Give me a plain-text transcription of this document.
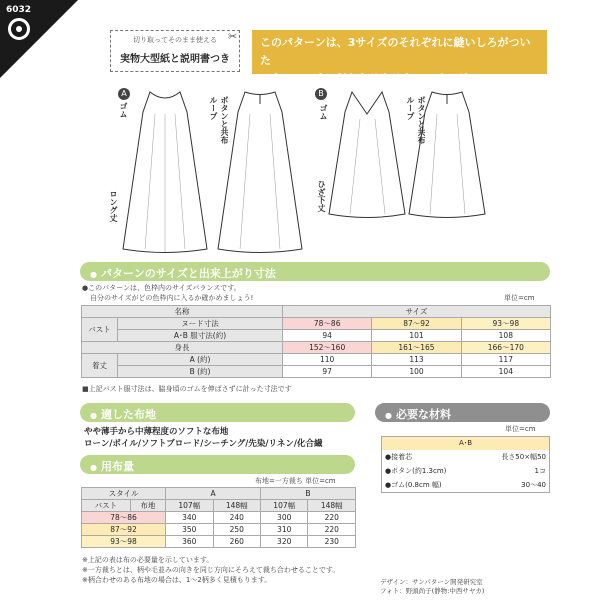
6032
切り取ってそのまま使える
実物大型紙と説明書つき
✂ このパターンは、3サイズのそれぞれに縫いしろがついた
パターンです。だからラクラクソーイング!
A	B
ゴム	ボタンと共布ループ
ロング丈
ゴム	ボタンと共布ループ
ひざ下丈
● パターンのサイズと出来上がり寸法
●このパターンは、色枠内のサイズバランスです。
自分のサイズがどの色枠内に入るか確かめましょう!	単位=cm
名称		サイズ		
バスト	ヌード寸法	78〜86	87〜92	93〜98
	A･B 服寸法(約)	94	101	108
身長		152〜160	161〜165	166〜170
着丈	A (約)	110	113	117
	B (約)	97	100	104
■上記バスト服寸法は、脇身頃のゴムを伸ばさずに計った寸法です
● 適した布地
やや薄手から中薄程度のソフトな布地
ローン/ボイル/ソフトブロード/シーチング/先染/リネン/化合繊
● 必要な材料
単位=cm
A･B
●接着芯	長さ50×幅50
●ボタン(約1.3cm)	1コ
●ゴム(0.8cm 幅)	30〜40
● 用布量
布地=一方裁ち 単位=cm
スタイル		A		B	
バスト	布地	107幅	148幅	107幅	148幅
78〜86		340	240	300	220
87〜92		350	250	310	220
93〜98		360	260	320	230
※上記の表は布の必要量を示しています。
※一方裁ちとは、柄や毛並みの向きを同じ方向にそろえて裁ち合わせることです。
※柄合わせのある布地の場合は、1〜2柄多く見積もります。	デザイン：サンパターン開発研究室
フォト：野頭尚子(静物:中西サヤカ)
